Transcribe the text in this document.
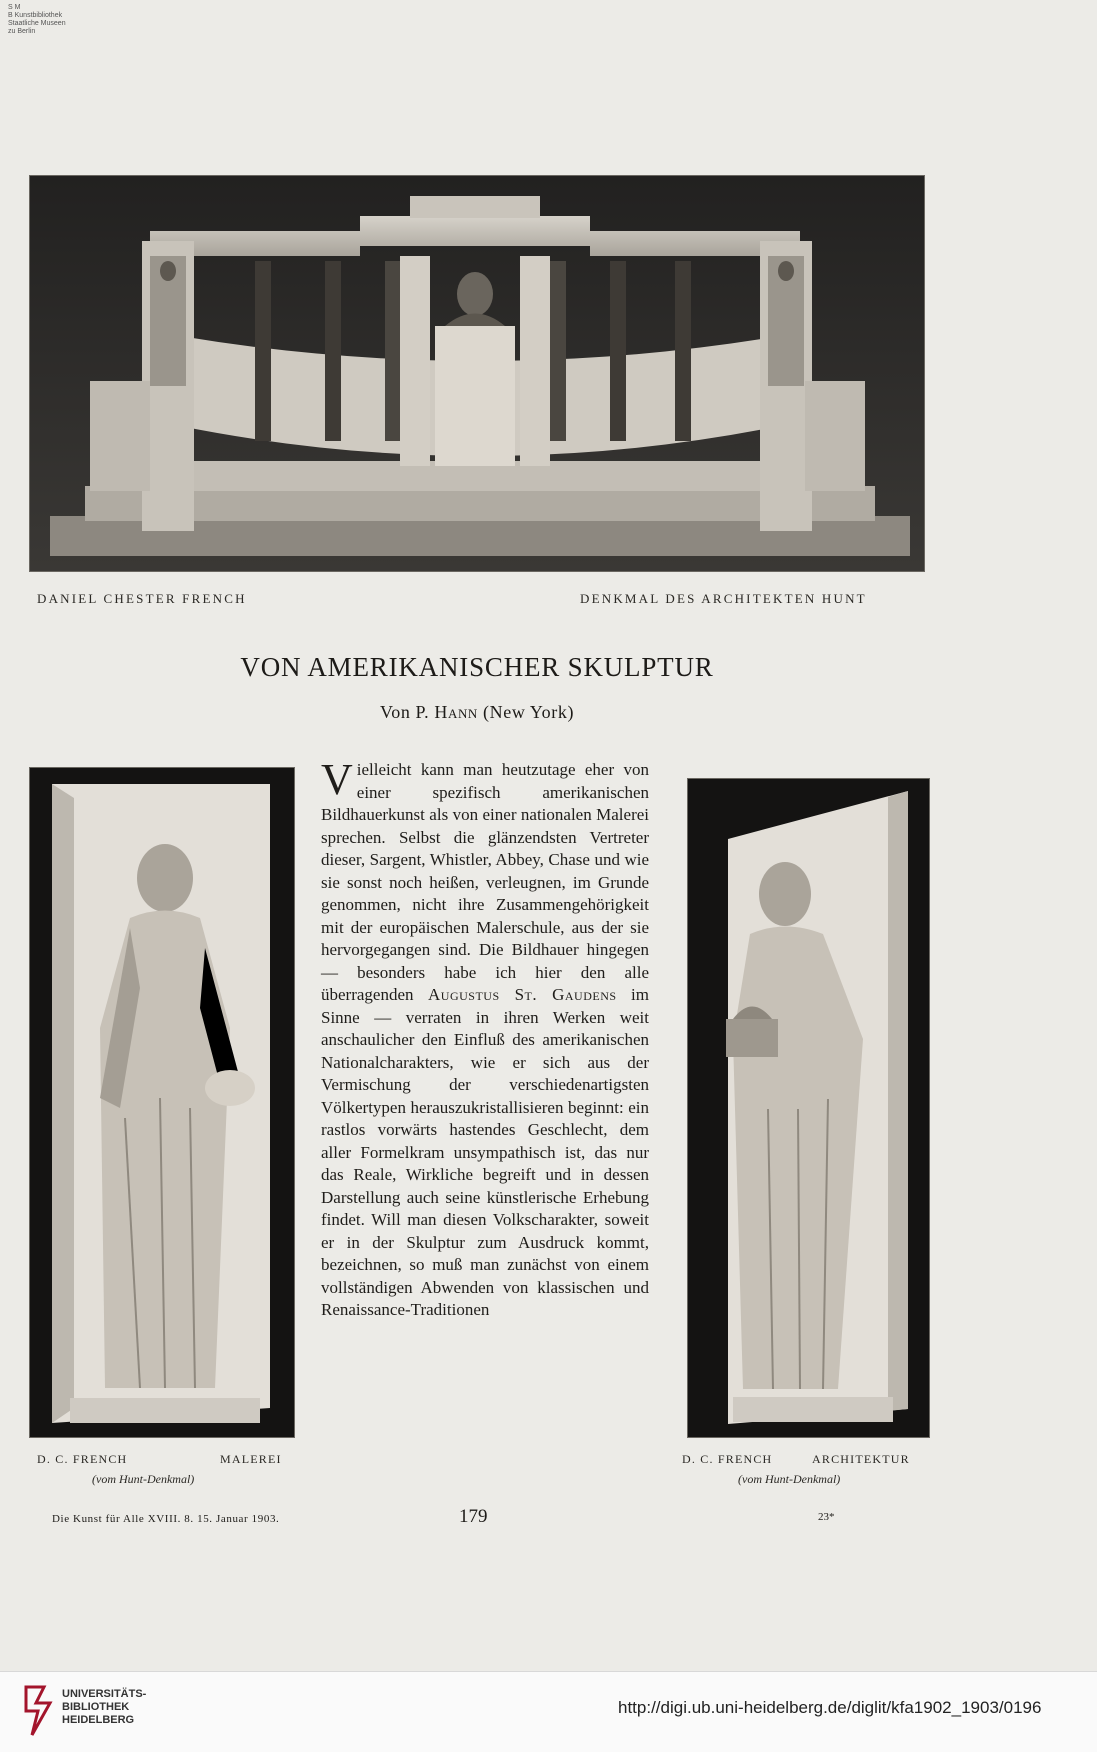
S M
B Kunstbibliothek
Staatliche Museen
zu Berlin
DANIEL CHESTER FRENCH	DENKMAL DES ARCHITEKTEN HUNT
VON AMERIKANISCHER SKULPTUR
Von P. Hann (New York)
Vielleicht kann man heutzutage eher von einer spezifisch amerikanischen Bildhauerkunst als von einer nationalen Malerei sprechen. Selbst die glänzendsten Vertreter dieser, Sargent, Whistler, Abbey, Chase und wie sie sonst noch heißen, verleugnen, im Grunde genommen, nicht ihre Zusammengehörigkeit mit der europäischen Malerschule, aus der sie hervorgegangen sind. Die Bildhauer hingegen — besonders habe ich hier den alle überragenden Augustus St. Gaudens im Sinne — verraten in ihren Werken weit anschaulicher den Einfluß des amerikanischen Nationalcharakters, wie er sich aus der Vermischung der verschiedenartigsten Völkertypen herauszukristallisieren beginnt: ein rastlos vorwärts hastendes Geschlecht, dem aller Formelkram unsympathisch ist, das nur das Reale, Wirkliche begreift und in dessen Darstellung auch seine künstlerische Erhebung findet. Will man diesen Volkscharakter, soweit er in der Skulptur zum Ausdruck kommt, bezeichnen, so muß man zunächst von einem vollständigen Abwenden von klassischen und Renaissance-Traditionen
D. C. FRENCH	MALEREI
(vom Hunt-Denkmal)
D. C. FRENCH	ARCHITEKTUR
(vom Hunt-Denkmal)
Die Kunst für Alle XVIII. 8. 15. Januar 1903.	179	23*
UNIVERSITÄTS-
BIBLIOTHEK
HEIDELBERG
http://digi.ub.uni-heidelberg.de/diglit/kfa1902_1903/0196
